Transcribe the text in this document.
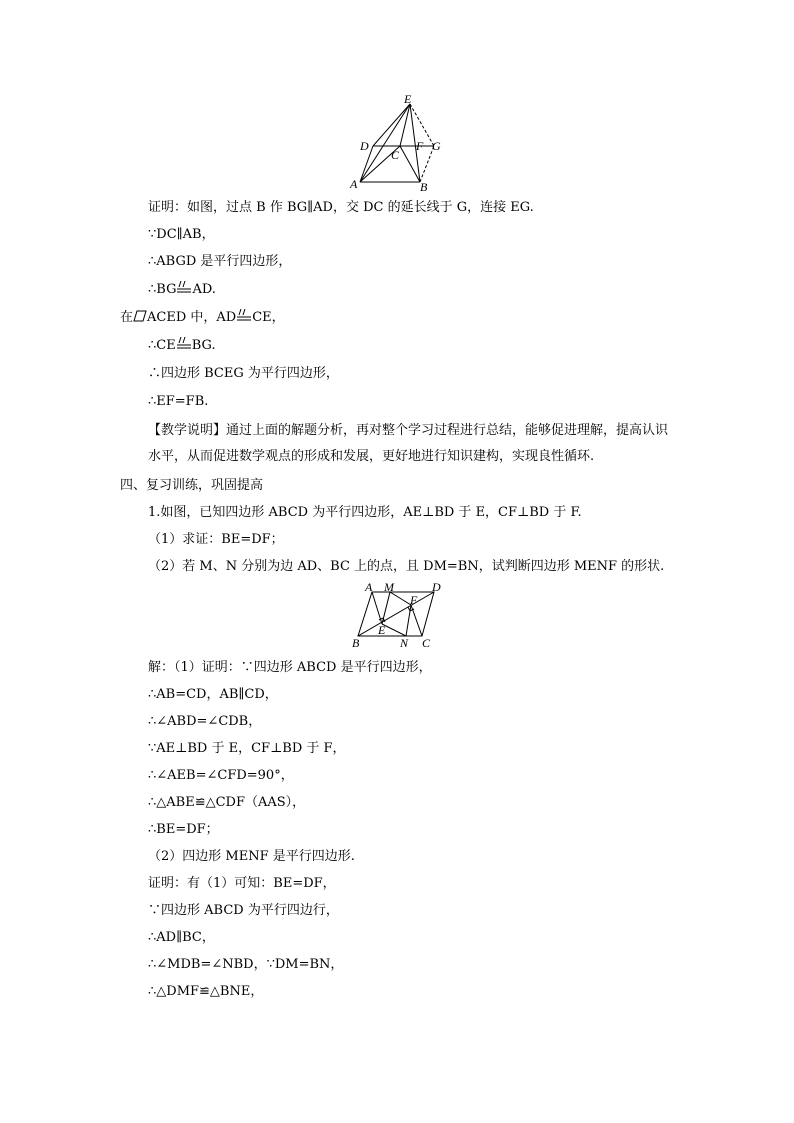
E
D
C
F G
A	B
证明：如图，过点 B 作 BG∥AD，交 DC 的延长线于 G，连接 EG.
∵DC∥AB，
∴ABGD 是平行四边形，
∴BG AD.
在 ACED 中，AD CE，
∴CE BG.
∴四边形 BCEG 为平行四边形，
∴EF=FB.
【教学说明】通过上面的解题分析，再对整个学习过程进行总结，能够促进理解，提高认识水平，从而促进数学观点的形成和发展，更好地进行知识建构，实现良性循环.
四、复习训练，巩固提高
1.如图，已知四边形 ABCD 为平行四边形，AE⊥BD 于 E，CF⊥BD 于 F.
（1）求证：BE=DF；
（2）若 M、N 分别为边 AD、BC 上的点，且 DM=BN，试判断四边形 MENF 的形状.
A M	D
F
E
B	N C
解：（1）证明：∵四边形 ABCD 是平行四边形，
∴AB=CD，AB∥CD，
∴∠ABD=∠CDB，
∵AE⊥BD 于 E，CF⊥BD 于 F，
∴∠AEB=∠CFD=90°，
∴△ABE≌△CDF（AAS），
∴BE=DF；
（2）四边形 MENF 是平行四边形.
证明：有（1）可知：BE=DF，
∵四边形 ABCD 为平行四边行，
∴AD∥BC，
∴∠MDB=∠NBD，∵DM=BN，
∴△DMF≌△BNE，
